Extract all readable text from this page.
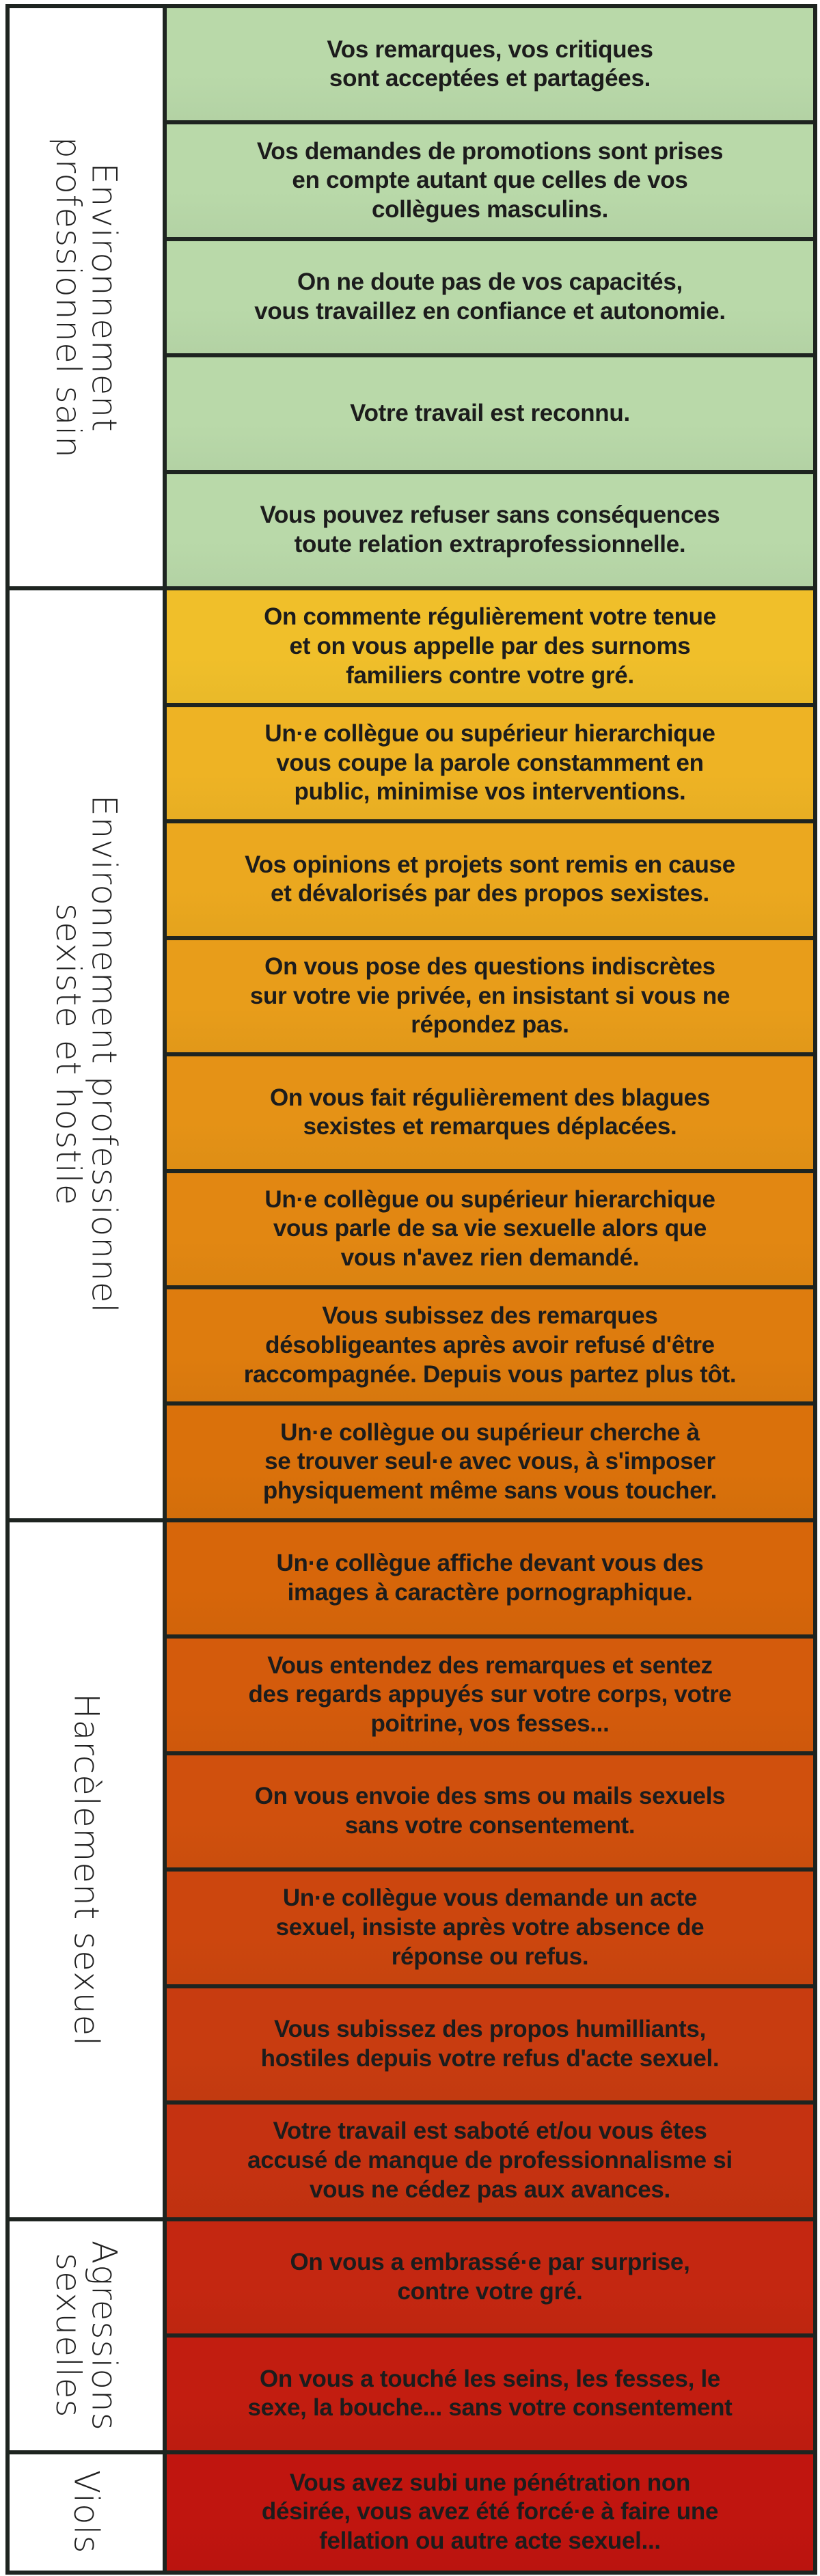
Environnement
professionnel sain
Vos remarques, vos critiques
sont acceptées et partagées.
Vos demandes de promotions sont prises
en compte autant que celles de vos
collègues masculins.
On ne doute pas de vos capacités,
vous travaillez en confiance et autonomie.
Votre travail est reconnu.
Vous pouvez refuser sans conséquences
toute relation extraprofessionnelle.
Environnement professionnel
sexiste et hostile
On commente régulièrement votre tenue
et on vous appelle par des surnoms
familiers contre votre gré.
Un·e collègue ou supérieur hierarchique
vous coupe la parole constamment en
public, minimise vos interventions.
Vos opinions et projets sont remis en cause
et dévalorisés par des propos sexistes.
On vous pose des questions indiscrètes
sur votre vie privée, en insistant si vous ne
répondez pas.
On vous fait régulièrement des blagues
sexistes et remarques déplacées.
Un·e collègue ou supérieur hierarchique
vous parle de sa vie sexuelle alors que
vous n'avez rien demandé.
Vous subissez des remarques
désobligeantes après avoir refusé d'être
raccompagnée. Depuis vous partez plus tôt.
Un·e collègue ou supérieur cherche à
se trouver seul·e avec vous, à s'imposer
physiquement même sans vous toucher.
Harcèlement sexuel
Un·e collègue affiche devant vous des
images à caractère pornographique.
Vous entendez des remarques et sentez
des regards appuyés sur votre corps, votre
poitrine, vos fesses...
On vous envoie des sms ou mails sexuels
sans votre consentement.
Un·e collègue vous demande un acte
sexuel, insiste après votre absence de
réponse ou refus.
Vous subissez des propos humilliants,
hostiles depuis votre refus d'acte sexuel.
Votre travail est saboté et/ou vous êtes
accusé de manque de professionnalisme si
vous ne cédez pas aux avances.
Agressions
sexuelles	On vous a embrassé·e par surprise,
contre votre gré.
On vous a touché les seins, les fesses, le
sexe, la bouche... sans votre consentement
Viols	Vous avez subi une pénétration non
désirée, vous avez été forcé·e à faire une
fellation ou autre acte sexuel...
